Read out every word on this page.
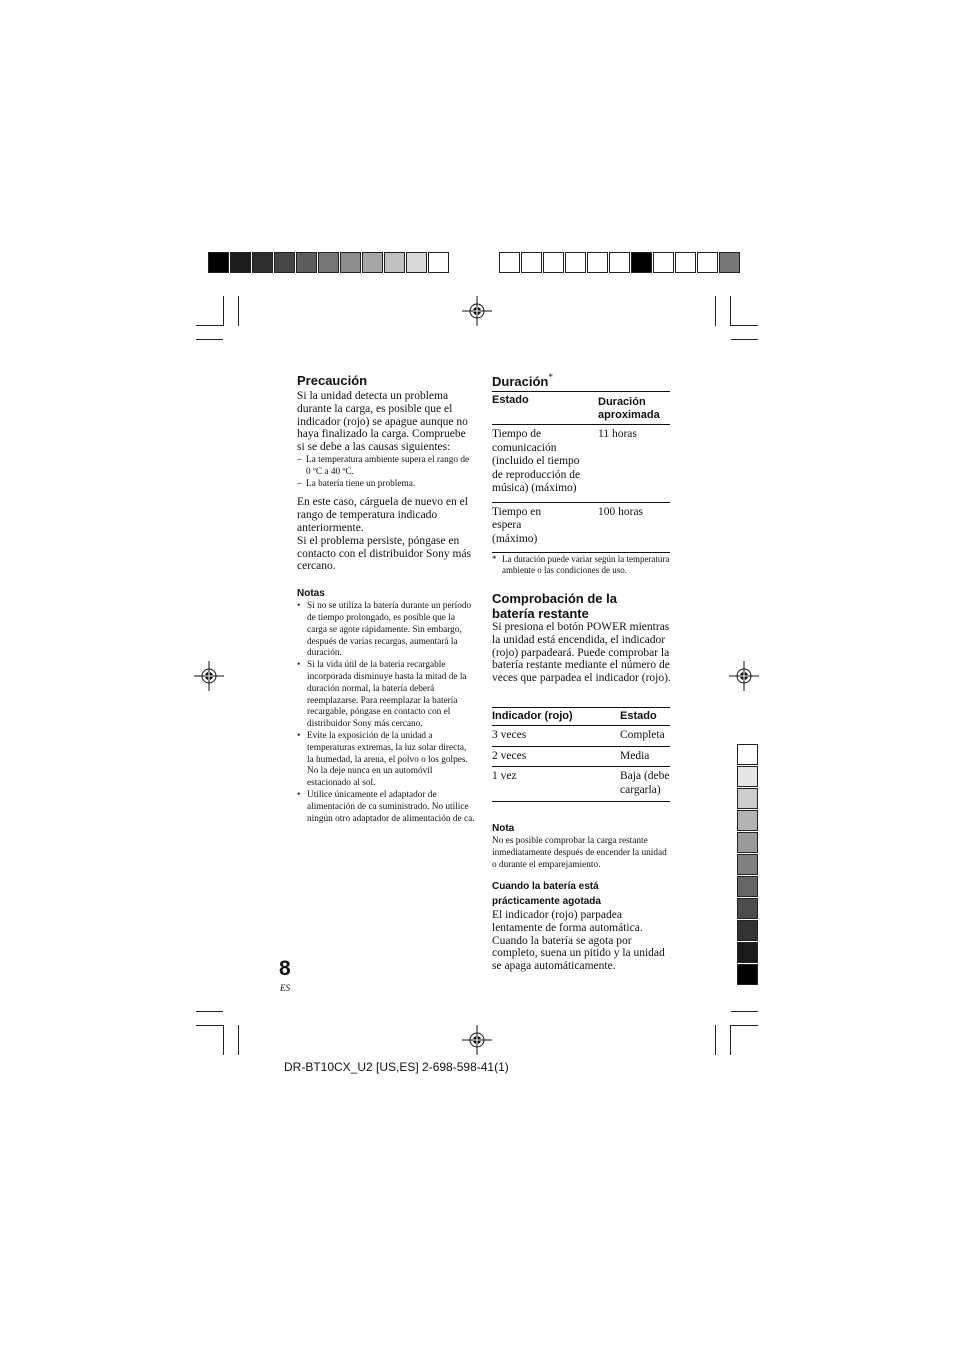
Precaución
Si la unidad detecta un problema durante la carga, es posible que el indicador (rojo) se apague aunque no haya finalizado la carga. Compruebe si se debe a las causas siguientes:
– La temperatura ambiente supera el rango de 0 ºC a 40 ºC.
– La batería tiene un problema.
En este caso, cárguela de nuevo en el rango de temperatura indicado anteriormente.
Si el problema persiste, póngase en contacto con el distribuidor Sony más cercano.
Notas
• Si no se utiliza la batería durante un período de tiempo prolongado, es posible que la carga se agote rápidamente. Sin embargo, después de varias recargas, aumentará la duración.
• Si la vida útil de la batería recargable incorporada disminuye hasta la mitad de la duración normal, la batería deberá reemplazarse. Para reemplazar la batería recargable, póngase en contacto con el distribuidor Sony más cercano.
• Evite la exposición de la unidad a temperaturas extremas, la luz solar directa, la humedad, la arena, el polvo o los golpes. No la deje nunca en un automóvil estacionado al sol.
• Utilice únicamente el adaptador de alimentación de ca suministrado. No utilice ningún otro adaptador de alimentación de ca.
Duración*
Estado	Duración aproximada
Tiempo de comunicación (incluido el tiempo de reproducción de música) (máximo)	11 horas
Tiempo en espera (máximo)	100 horas
* La duración puede variar según la temperatura ambiente o las condiciones de uso.
Comprobación de la batería restante
Si presiona el botón POWER mientras la unidad está encendida, el indicador (rojo) parpadeará. Puede comprobar la batería restante mediante el número de veces que parpadea el indicador (rojo).
Indicador (rojo)	Estado
3 veces	Completa
2 veces	Media
1 vez	Baja (debe cargarla)
Nota
No es posible comprobar la carga restante inmediatamente después de encender la unidad o durante el emparejamiento.
Cuando la batería está prácticamente agotada
El indicador (rojo) parpadea lentamente de forma automática.
Cuando la batería se agota por completo, suena un pitido y la unidad se apaga automáticamente.
8
ES
DR-BT10CX_U2 [US,ES] 2-698-598-41(1)
